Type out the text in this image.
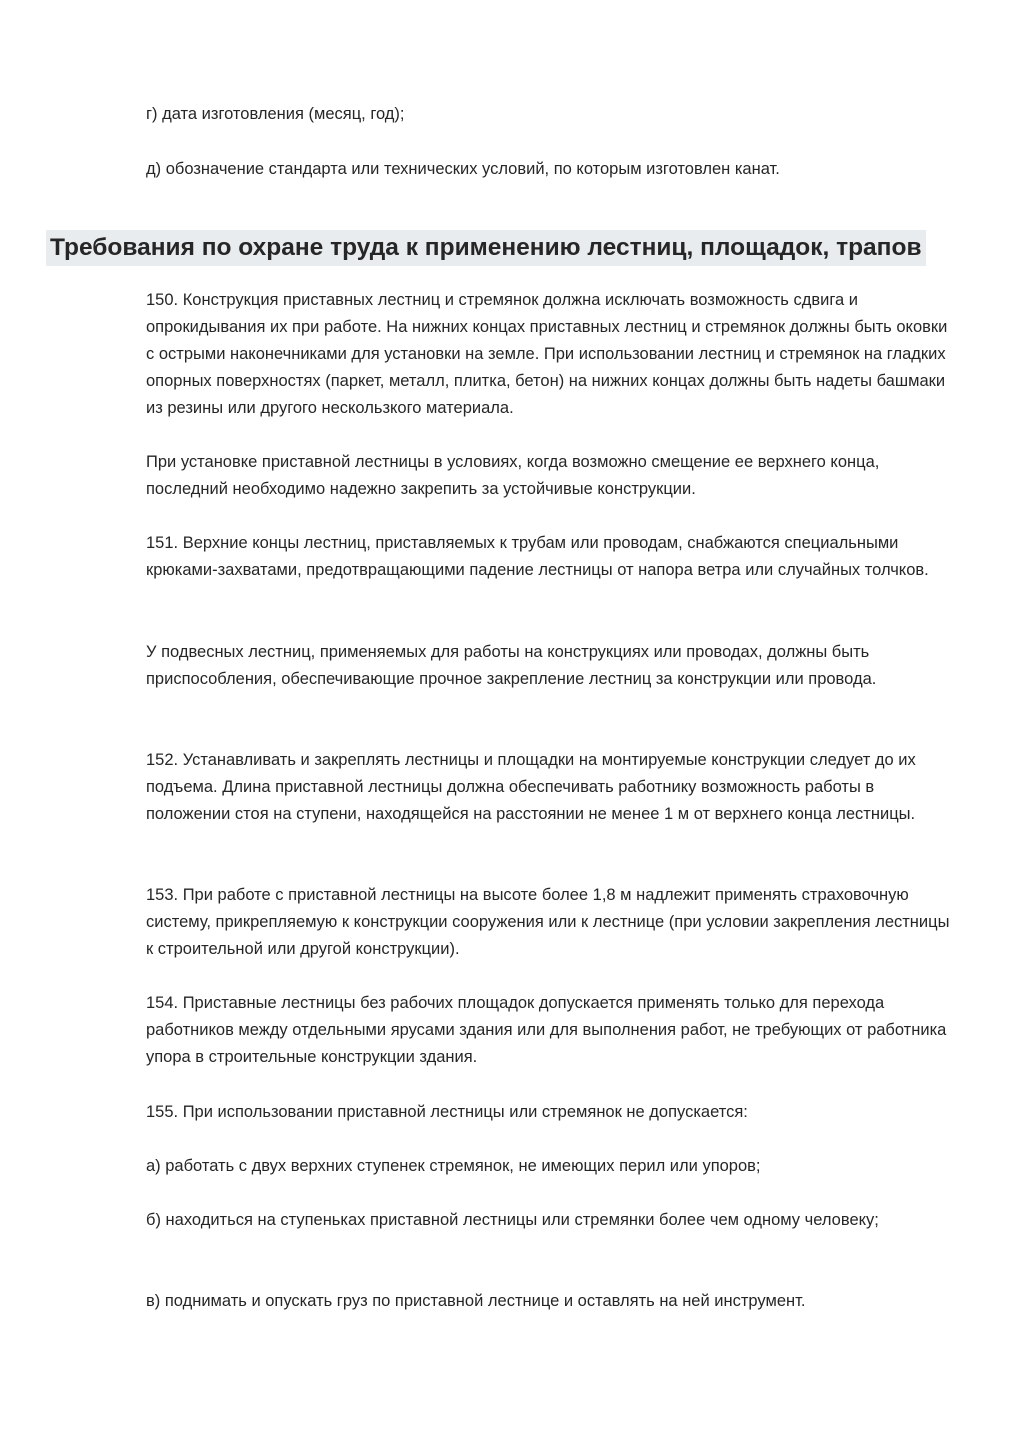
г) дата изготовления (месяц, год);

д) обозначение стандарта или технических условий, по которым изготовлен канат.

Требования по охране труда к применению лестниц, площадок, трапов

150. Конструкция приставных лестниц и стремянок должна исключать возможность сдвига и опрокидывания их при работе. На нижних концах приставных лестниц и стремянок должны быть оковки с острыми наконечниками для установки на земле. При использовании лестниц и стремянок на гладких опорных поверхностях (паркет, металл, плитка, бетон) на нижних концах должны быть надеты башмаки из резины или другого нескользкого материала.

При установке приставной лестницы в условиях, когда возможно смещение ее верхнего конца, последний необходимо надежно закрепить за устойчивые конструкции.

151. Верхние концы лестниц, приставляемых к трубам или проводам, снабжаются специальными крюками-захватами, предотвращающими падение лестницы от напора ветра или случайных толчков.

У подвесных лестниц, применяемых для работы на конструкциях или проводах, должны быть приспособления, обеспечивающие прочное закрепление лестниц за конструкции или провода.

152. Устанавливать и закреплять лестницы и площадки на монтируемые конструкции следует до их подъема. Длина приставной лестницы должна обеспечивать работнику возможность работы в положении стоя на ступени, находящейся на расстоянии не менее 1 м от верхнего конца лестницы.

153. При работе с приставной лестницы на высоте более 1,8 м надлежит применять страховочную систему, прикрепляемую к конструкции сооружения или к лестнице (при условии закрепления лестницы к строительной или другой конструкции).

154. Приставные лестницы без рабочих площадок допускается применять только для перехода работников между отдельными ярусами здания или для выполнения работ, не требующих от работника упора в строительные конструкции здания.

155. При использовании приставной лестницы или стремянок не допускается:

а) работать с двух верхних ступенек стремянок, не имеющих перил или упоров;

б) находиться на ступеньках приставной лестницы или стремянки более чем одному человеку;

в) поднимать и опускать груз по приставной лестнице и оставлять на ней инструмент.
